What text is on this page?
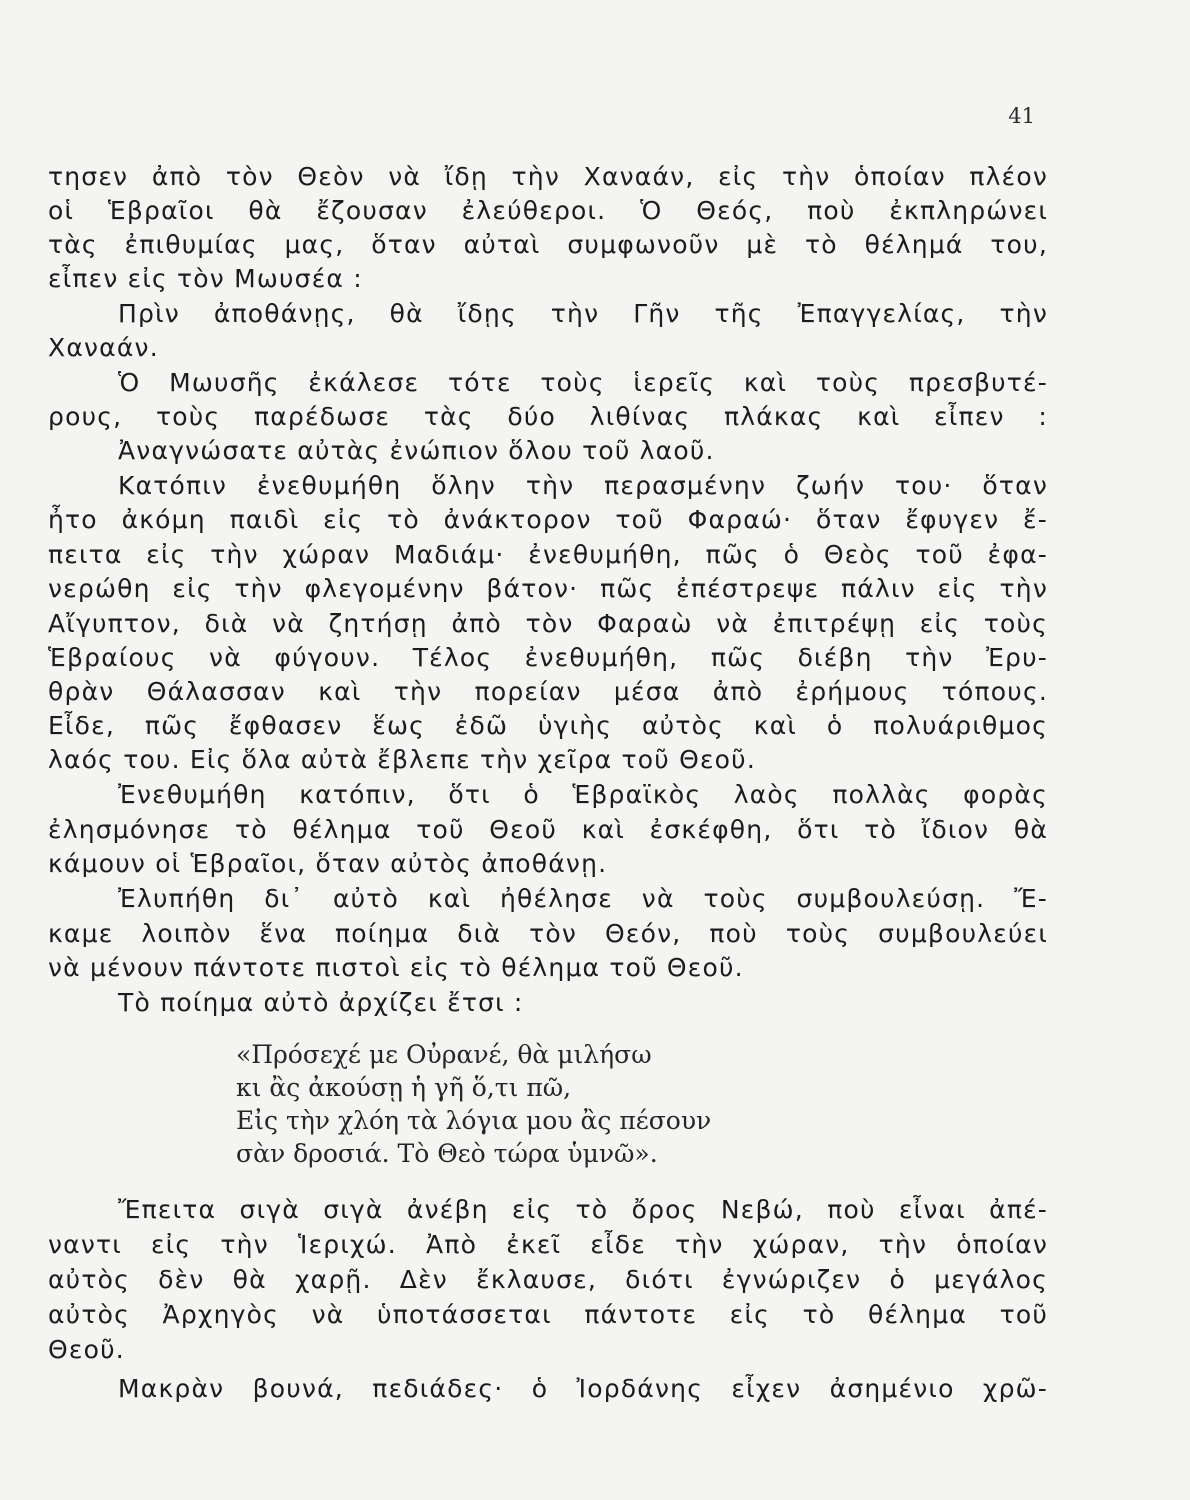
41
τησεν ἀπὸ τὸν Θεὸν νὰ ἴδῃ τὴν Χαναάν, εἰς τὴν ὁποίαν πλέον
οἱ Ἑβραῖοι θὰ ἔζουσαν ἐλεύθεροι. Ὁ Θεός, ποὺ ἐκπληρώνει
τὰς ἐπιθυμίας μας, ὅταν αὐταὶ συμφωνοῦν μὲ τὸ θέλημά του,
εἶπεν εἰς τὸν Μωυσέα :
Πρὶν ἀποθάνῃς, θὰ ἴδῃς τὴν Γῆν τῆς Ἐπαγγελίας, τὴν
Χαναάν.
Ὁ Μωυσῆς ἐκάλεσε τότε τοὺς ἱερεῖς καὶ τοὺς πρεσβυτέ-
ρους, τοὺς παρέδωσε τὰς δύο λιθίνας πλάκας καὶ εἶπεν :
Ἀναγνώσατε αὐτὰς ἐνώπιον ὅλου τοῦ λαοῦ.
Κατόπιν ἐνεθυμήθη ὅλην τὴν περασμένην ζωήν του· ὅταν
ἦτο ἀκόμη παιδὶ εἰς τὸ ἀνάκτορον τοῦ Φαραώ· ὅταν ἔφυγεν ἔ-
πειτα εἰς τὴν χώραν Μαδιάμ· ἐνεθυμήθη, πῶς ὁ Θεὸς τοῦ ἐφα-
νερώθη εἰς τὴν φλεγομένην βάτον· πῶς ἐπέστρεψε πάλιν εἰς τὴν
Αἴγυπτον, διὰ νὰ ζητήσῃ ἀπὸ τὸν Φαραὼ νὰ ἐπιτρέψῃ εἰς τοὺς
Ἑβραίους νὰ φύγουν. Τέλος ἐνεθυμήθη, πῶς διέβη τὴν Ἐρυ-
θρὰν Θάλασσαν καὶ τὴν πορείαν μέσα ἀπὸ ἐρήμους τόπους.
Εἶδε, πῶς ἔφθασεν ἕως ἐδῶ ὑγιὴς αὐτὸς καὶ ὁ πολυάριθμος
λαός του. Εἰς ὅλα αὐτὰ ἔβλεπε τὴν χεῖρα τοῦ Θεοῦ.
Ἐνεθυμήθη κατόπιν, ὅτι ὁ Ἑβραϊκὸς λαὸς πολλὰς φορὰς
ἐλησμόνησε τὸ θέλημα τοῦ Θεοῦ καὶ ἐσκέφθη, ὅτι τὸ ἴδιον θὰ
κάμουν οἱ Ἑβραῖοι, ὅταν αὐτὸς ἀποθάνῃ.
Ἐλυπήθη δι᾿ αὐτὸ καὶ ἠθέλησε νὰ τοὺς συμβουλεύσῃ. Ἔ-
καμε λοιπὸν ἕνα ποίημα διὰ τὸν Θεόν, ποὺ τοὺς συμβουλεύει
νὰ μένουν πάντοτε πιστοὶ εἰς τὸ θέλημα τοῦ Θεοῦ.
Τὸ ποίημα αὐτὸ ἀρχίζει ἔτσι :
«Πρόσεχέ με Οὐρανέ, θὰ μιλήσω
κι ἂς ἀκούσῃ ἡ γῆ ὅ,τι πῶ,
Εἰς τὴν χλόη τὰ λόγια μου ἂς πέσουν
σὰν δροσιά. Τὸ Θεὸ τώρα ὑμνῶ».
Ἔπειτα σιγὰ σιγὰ ἀνέβη εἰς τὸ ὄρος Νεβώ, ποὺ εἶναι ἀπέ-
ναντι εἰς τὴν Ἱεριχώ. Ἀπὸ ἐκεῖ εἶδε τὴν χώραν, τὴν ὁποίαν
αὐτὸς δὲν θὰ χαρῇ. Δὲν ἔκλαυσε, διότι ἐγνώριζεν ὁ μεγάλος
αὐτὸς Ἀρχηγὸς νὰ ὑποτάσσεται πάντοτε εἰς τὸ θέλημα τοῦ
Θεοῦ.
Μακρὰν βουνά, πεδιάδες· ὁ Ἰορδάνης εἶχεν ἀσημένιο χρῶ-
